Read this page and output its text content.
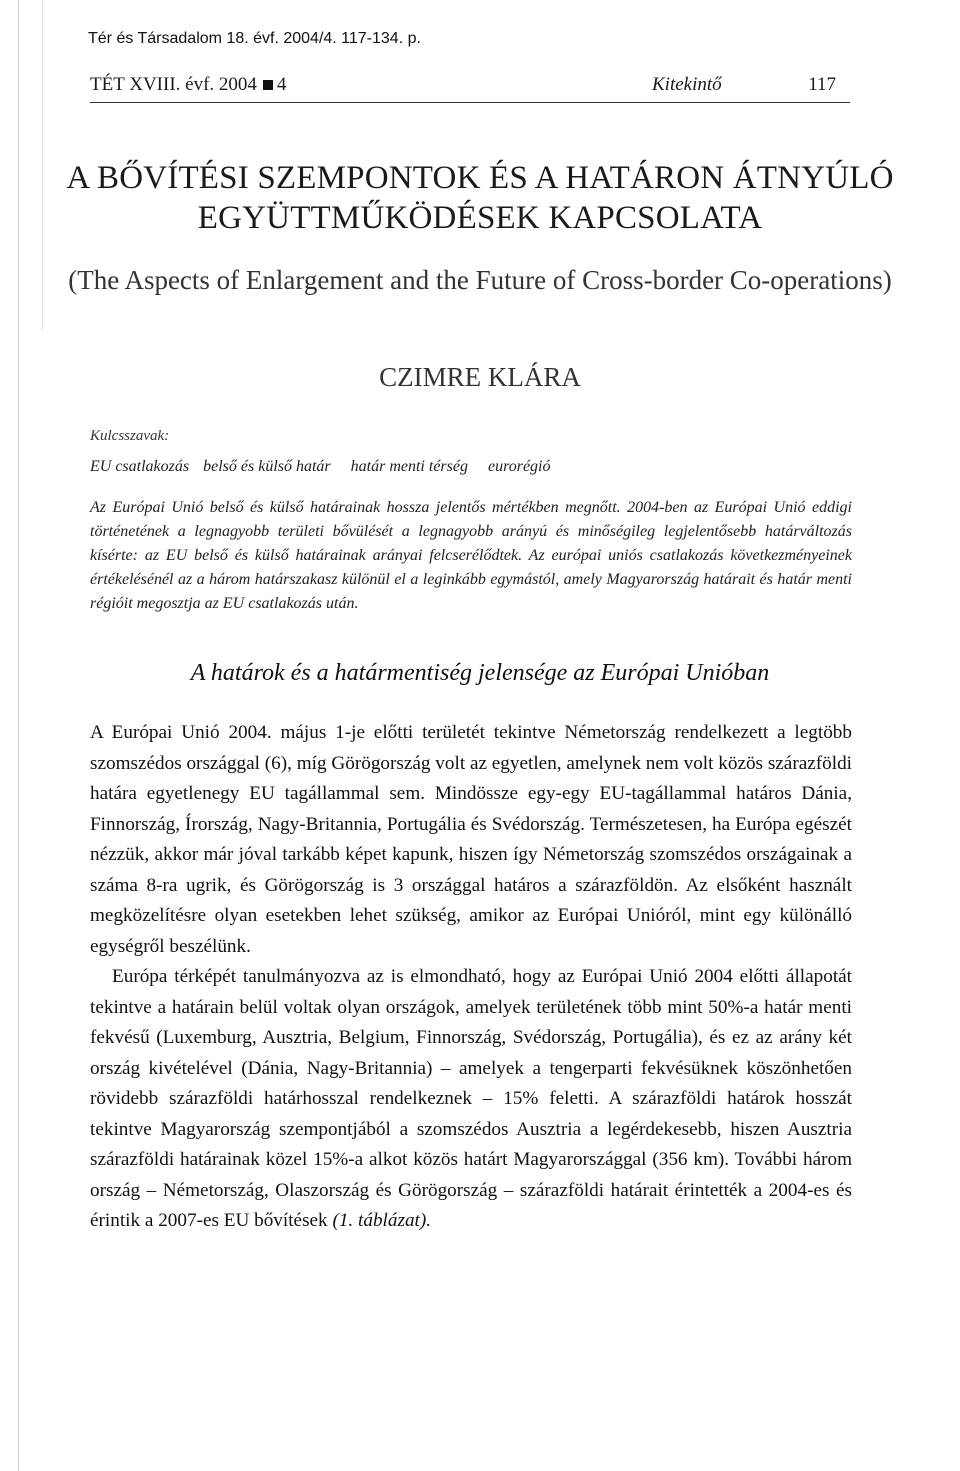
Tér és Társadalom 18. évf. 2004/4. 117-134. p.
TÉT XVIII. évf. 2004 4	Kitekintő	117
A BŐVÍTÉSI SZEMPONTOK ÉS A HATÁRON ÁTNYÚLÓ EGYÜTTMŰKÖDÉSEK KAPCSOLATA
(The Aspects of Enlargement and the Future of Cross-border Co-operations)
CZIMRE KLÁRA
Kulcsszavak:
EU csatlakozás belső és külső határ határ menti térség eurorégió
Az Európai Unió belső és külső határainak hossza jelentős mértékben megnőtt. 2004-ben az Európai Unió eddigi történetének a legnagyobb területi bővülését a legnagyobb arányú és minőségileg legjelentősebb határváltozás kísérte: az EU belső és külső határainak arányai felcserélődtek. Az európai uniós csatlakozás következményeinek értékelésénél az a három határszakasz különül el a leginkább egymástól, amely Magyarország határait és határ menti régióit megosztja az EU csatlakozás után.
A határok és a határmentiség jelensége az Európai Unióban

A Európai Unió 2004. május 1-je előtti területét tekintve Németország rendelkezett a legtöbb szomszédos országgal (6), míg Görögország volt az egyetlen, amelynek nem volt közös szárazföldi határa egyetlenegy EU tagállammal sem. Mindössze egy-egy EU-tagállammal határos Dánia, Finnország, Írország, Nagy-Britannia, Portugália és Svédország. Természetesen, ha Európa egészét nézzük, akkor már jóval tarkább képet kapunk, hiszen így Németország szomszédos országainak a száma 8-ra ugrik, és Görögország is 3 országgal határos a szárazföldön. Az elsőként használt megközelítésre olyan esetekben lehet szükség, amikor az Európai Unióról, mint egy különálló egységről beszélünk.

Európa térképét tanulmányozva az is elmondható, hogy az Európai Unió 2004 előtti állapotát tekintve a határain belül voltak olyan országok, amelyek területének több mint 50%-a határ menti fekvésű (Luxemburg, Ausztria, Belgium, Finnország, Svédország, Portugália), és ez az arány két ország kivételével (Dánia, Nagy-Britannia) – amelyek a tengerparti fekvésüknek köszönhetően rövidebb szárazföldi határhosszal rendelkeznek – 15% feletti. A szárazföldi határok hosszát tekintve Magyarország szempontjából a szomszédos Ausztria a legérdekesebb, hiszen Ausztria szárazföldi határainak közel 15%-a alkot közös határt Magyarországgal (356 km). További három ország – Németország, Olaszország és Görögország – szárazföldi határait érintették a 2004-es és érintik a 2007-es EU bővítések (1. táblázat).
